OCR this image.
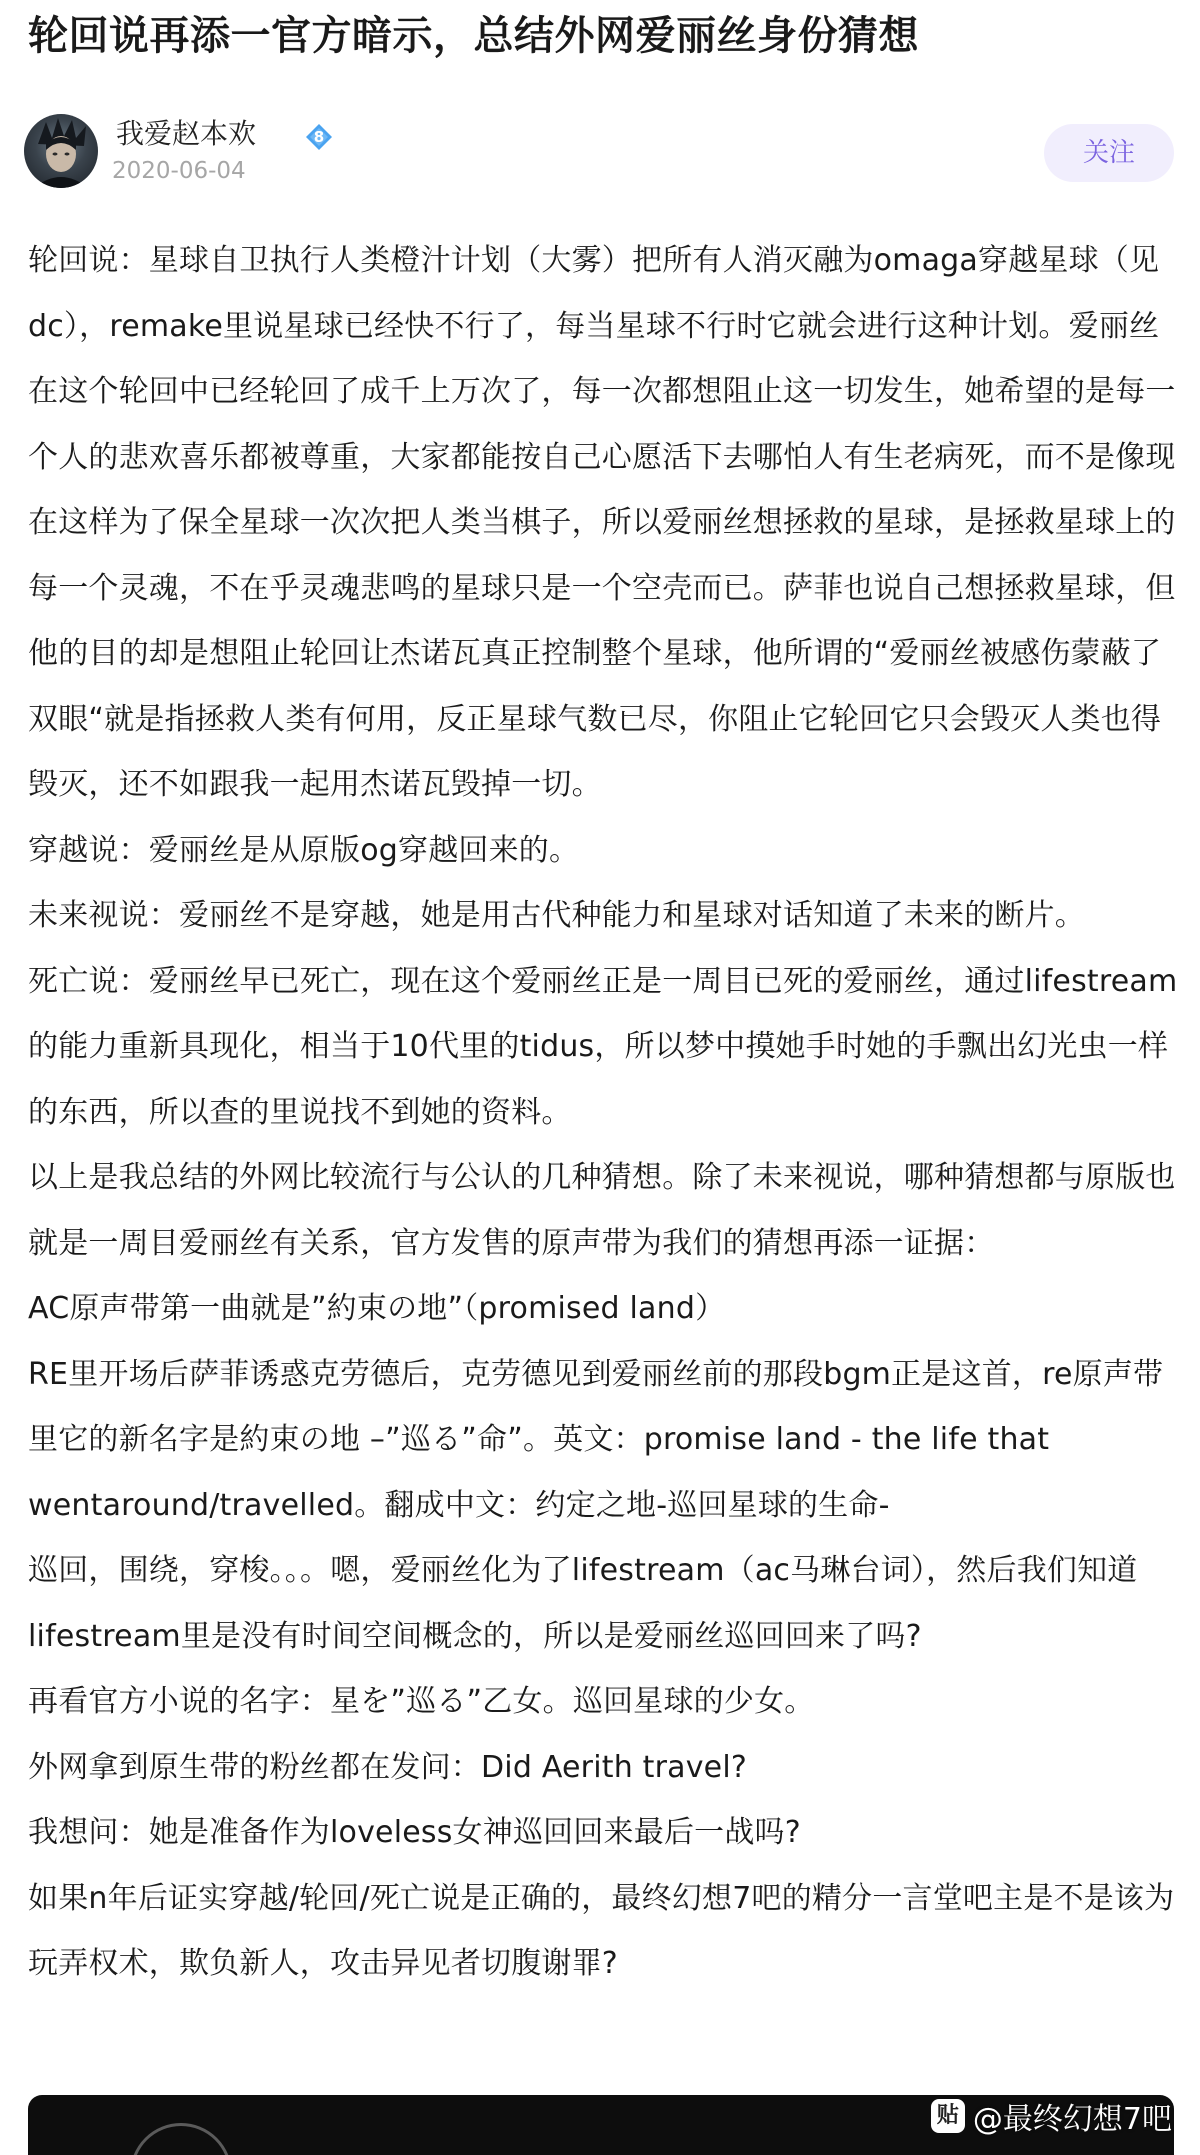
轮回说再添一官方暗示，总结外网爱丽丝身份猜想
我爱赵本欢	8
2020-06-04
关注

轮回说：星球自卫执行人类橙汁计划（大雾）把所有人消灭融为omaga穿越星球（见dc），remake里说星球已经快不行了，每当星球不行时它就会进行这种计划。爱丽丝在这个轮回中已经轮回了成千上万次了，每一次都想阻止这一切发生，她希望的是每一个人的悲欢喜乐都被尊重，大家都能按自己心愿活下去哪怕人有生老病死，而不是像现在这样为了保全星球一次次把人类当棋子，所以爱丽丝想拯救的星球，是拯救星球上的每一个灵魂，不在乎灵魂悲鸣的星球只是一个空壳而已。萨菲也说自己想拯救星球，但他的目的却是想阻止轮回让杰诺瓦真正控制整个星球，他所谓的“爱丽丝被感伤蒙蔽了双眼“就是指拯救人类有何用，反正星球气数已尽，你阻止它轮回它只会毁灭人类也得毁灭，还不如跟我一起用杰诺瓦毁掉一切。

穿越说：爱丽丝是从原版og穿越回来的。

未来视说：爱丽丝不是穿越，她是用古代种能力和星球对话知道了未来的断片。

死亡说：爱丽丝早已死亡，现在这个爱丽丝正是一周目已死的爱丽丝，通过lifestream的能力重新具现化，相当于10代里的tidus，所以梦中摸她手时她的手飘出幻光虫一样的东西，所以查的里说找不到她的资料。

以上是我总结的外网比较流行与公认的几种猜想。除了未来视说，哪种猜想都与原版也就是一周目爱丽丝有关系，官方发售的原声带为我们的猜想再添一证据：

AC原声带第一曲就是”約束の地”（promised land）

RE里开场后萨菲诱惑克劳德后，克劳德见到爱丽丝前的那段bgm正是这首，re原声带里它的新名字是約束の地 –”巡る”命”。英文：promise land - the life that wentaround/travelled。翻成中文：约定之地-巡回星球的生命-

巡回，围绕，穿梭。。。嗯，爱丽丝化为了lifestream（ac马琳台词），然后我们知道lifestream里是没有时间空间概念的，所以是爱丽丝巡回回来了吗?

再看官方小说的名字：星を”巡る”乙女。巡回星球的少女。

外网拿到原生带的粉丝都在发问：Did Aerith travel?

我想问：她是准备作为loveless女神巡回回来最后一战吗?

如果n年后证实穿越/轮回/死亡说是正确的，最终幻想7吧的精分一言堂吧主是不是该为玩弄权术，欺负新人，攻击异见者切腹谢罪?

贴 @最终幻想7吧
